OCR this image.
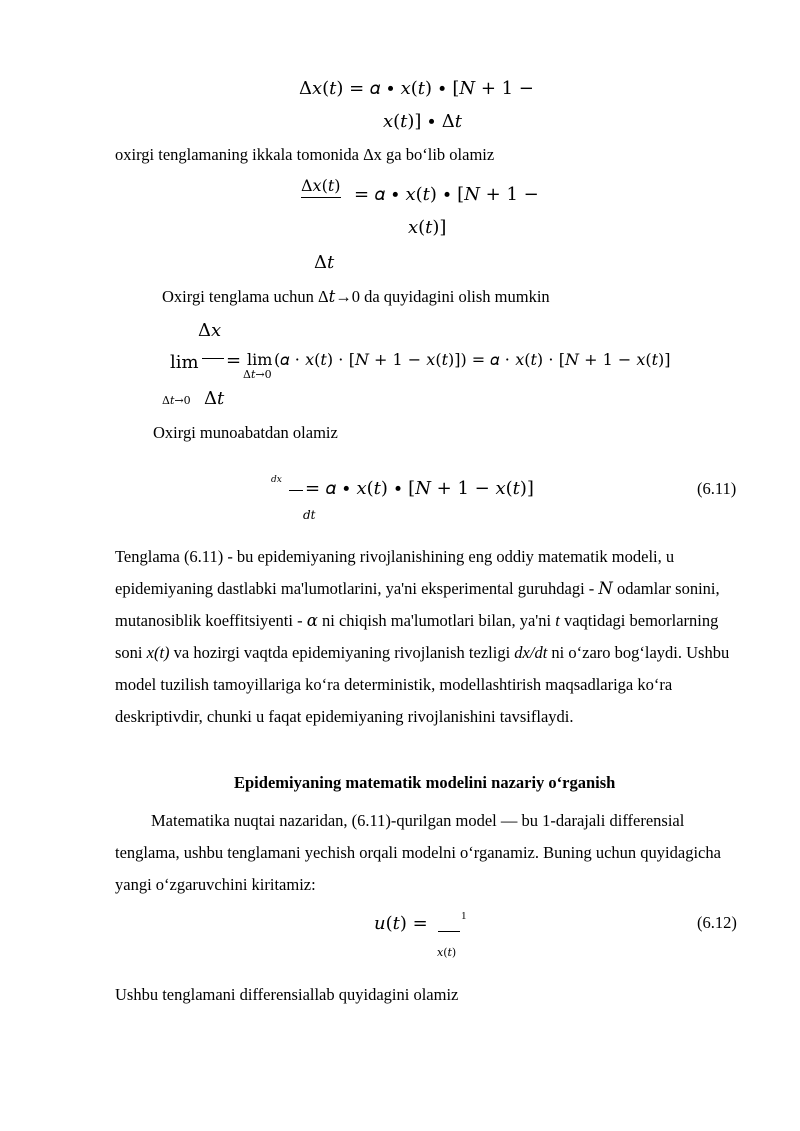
Δ𝑥(𝑡) = 𝛼 ∙ 𝑥(𝑡) ∙ [𝑁 + 1 −
𝑥(𝑡)] ∙ Δ𝑡
oxirgi tenglamaning ikkala tomonida Δx ga bo‘lib olamiz
Δ𝑥(𝑡) = 𝛼 ∙ 𝑥(𝑡) ∙ [𝑁 + 1 −
𝑥(𝑡)]
Δ𝑡
Oxirgi tenglama uchun Δ𝑡→0 da quyidagini olish mumkin
Δ𝑥
lim = lim
Δ𝑡→0
(𝛼 ⋅ 𝑥(𝑡) ⋅ [𝑁 + 1 − 𝑥(𝑡)]) = 𝛼 ⋅ 𝑥(𝑡) ⋅ [𝑁 + 1 − 𝑥(𝑡)]
Δ𝑡→0 Δ𝑡
Oxirgi munoabatdan olamiz
𝑑𝑥 = 𝛼 ∙ 𝑥(𝑡) ∙ [𝑁 + 1 − 𝑥(𝑡)]
𝑑𝑡
(6.11)
Tenglama (6.11) - bu epidemiyaning rivojlanishining eng oddiy matematik modeli, u epidemiyaning dastlabki ma'lumotlarini, ya'ni eksperimental guruhdagi - 𝑁 odamlar sonini, mutanosiblik koeffitsiyenti - 𝛼 ni chiqish ma'lumotlari bilan, ya'ni t vaqtidagi bemorlarning soni x(t) va hozirgi vaqtda epidemiyaning rivojlanish tezligi dx/dt ni o‘zaro bog‘laydi. Ushbu model tuzilish tamoyillariga ko‘ra deterministik, modellashtirish maqsadlariga ko‘ra deskriptivdir, chunki u faqat epidemiyaning rivojlanishini tavsiflaydi.
Epidemiyaning matematik modelini nazariy o‘rganish
Matematika nuqtai nazaridan, (6.11)-qurilgan model — bu 1-darajali differensial tenglama, ushbu tenglamani yechish orqali modelni o‘rganamiz. Buning uchun quyidagicha yangi o‘zgaruvchini kiritamiz:
𝑢(𝑡) =	1
𝑥(𝑡)
(6.12)
Ushbu tenglamani differensiallab quyidagini olamiz
